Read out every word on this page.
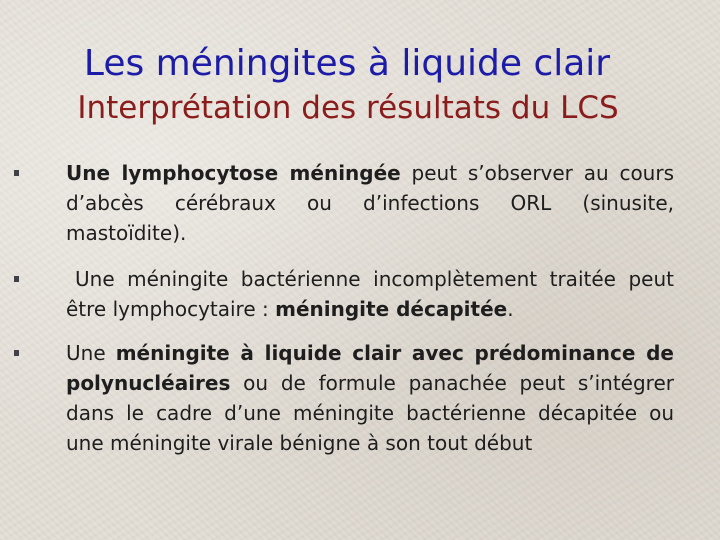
Les méningites à liquide clair
Interprétation des résultats du LCS
Une lymphocytose méningée peut s’observer au cours d’abcès cérébraux ou d’infections ORL (sinusite, mastoïdite).
Une méningite bactérienne incomplètement traitée peut être lymphocytaire : méningite décapitée.
Une méningite à liquide clair avec prédominance de polynucléaires ou de formule panachée peut s’intégrer dans le cadre d’une méningite bactérienne décapitée ou une méningite virale bénigne à son tout début
